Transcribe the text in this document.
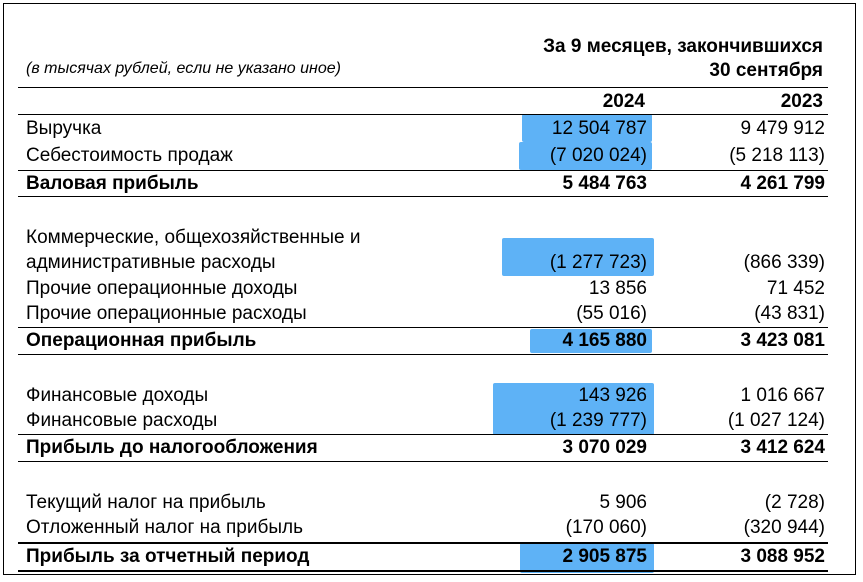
(в тысячах рублей, если не указано иное)
За 9 месяцев, закончившихся
30 сентября
2024	2023
Выручка	12 504 787	9 479 912
Себестоимость продаж	(7 020 024)	(5 218 113)
Валовая прибыль	5 484 763	4 261 799
Коммерческие, общехозяйственные и
административные расходы	(1 277 723)	(866 339)
Прочие операционные доходы	13 856	71 452
Прочие операционные расходы	(55 016)	(43 831)
Операционная прибыль	4 165 880	3 423 081
Финансовые доходы	143 926	1 016 667
Финансовые расходы	(1 239 777)	(1 027 124)
Прибыль до налогообложения	3 070 029	3 412 624
Текущий налог на прибыль	5 906	(2 728)
Отложенный налог на прибыль	(170 060)	(320 944)
Прибыль за отчетный период	2 905 875	3 088 952
